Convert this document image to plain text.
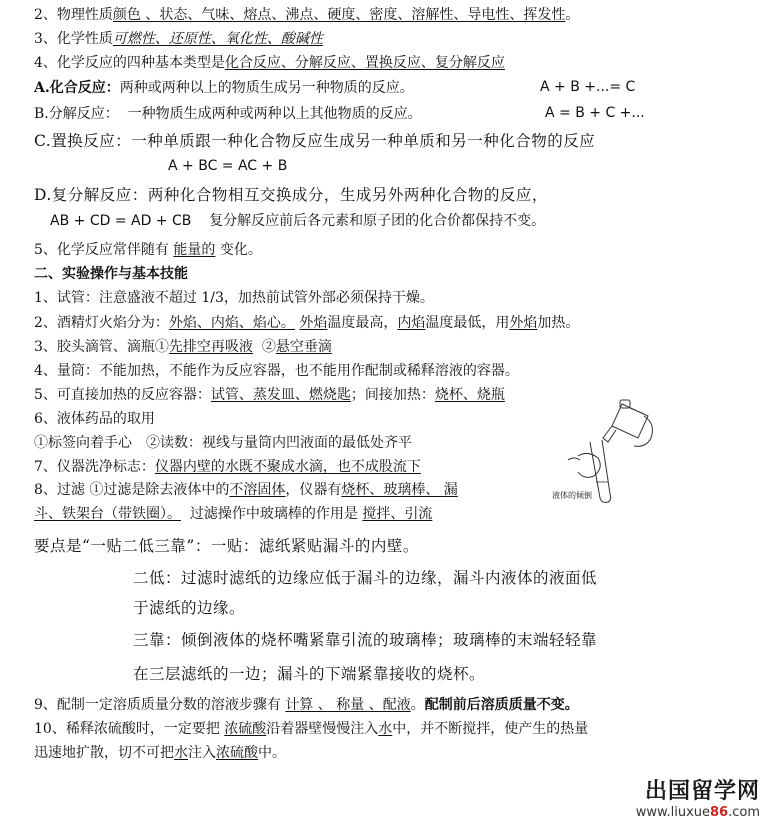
2、物理性质颜色 、状态、气味、熔点、沸点、硬度、密度、溶解性、导电性、挥发性。
3、化学性质可燃性、还原性、氧化性、酸碱性
4、化学反应的四种基本类型是化合反应、分解反应、置换反应、复分解反应
A.化合反应：两种或两种以上的物质生成另一种物质的反应。	A + B +...= C
B.分解反应： 一种物质生成两种或两种以上其他物质的反应。	A = B + C +...
C.置换反应：一种单质跟一种化合物反应生成另一种单质和另一种化合物的反应
A + BC = AC + B
D.复分解反应：两种化合物相互交换成分，生成另外两种化合物的反应，
AB + CD = AD + CB 复分解反应前后各元素和原子团的化合价都保持不变。
5、化学反应常伴随有 能量的 变化。
二、实验操作与基本技能
1、试管：注意盛液不超过 1/3，加热前试管外部必须保持干燥。
2、酒精灯火焰分为：外焰、内焰、焰心。 外焰温度最高，内焰温度最低，用外焰加热。
3、胶头滴管、滴瓶①先排空再吸液 ②悬空垂滴
4、量筒：不能加热，不能作为反应容器，也不能用作配制或稀释溶液的容器。
5、可直接加热的反应容器：试管、蒸发皿、燃烧匙；间接加热：烧杯、烧瓶
6、液体药品的取用
①标签向着手心　②读数：视线与量筒内凹液面的最低处齐平
7、仪器洗净标志：仪器内壁的水既不聚成水滴，也不成股流下
8、过滤 ①过滤是除去液体中的不溶固体，仪器有烧杯、玻璃棒、 漏
斗、铁架台（带铁圈）。 过滤操作中玻璃棒的作用是 搅拌、引流
要点是“一贴二低三靠”：一贴：滤纸紧贴漏斗的内壁。
二低：过滤时滤纸的边缘应低于漏斗的边缘，漏斗内液体的液面低
于滤纸的边缘。
三靠：倾倒液体的烧杯嘴紧靠引流的玻璃棒；玻璃棒的末端轻轻靠
在三层滤纸的一边；漏斗的下端紧靠接收的烧杯。
9、配制一定溶质质量分数的溶液步骤有 计算 、 称量 、配液。配制前后溶质质量不变。
10、稀释浓硫酸时，一定要把 浓硫酸沿着器壁慢慢注入水中，并不断搅拌，使产生的热量
迅速地扩散，切不可把水注入浓硫酸中。
液体的倾倒
出国留学网
www.liuxue86.com
